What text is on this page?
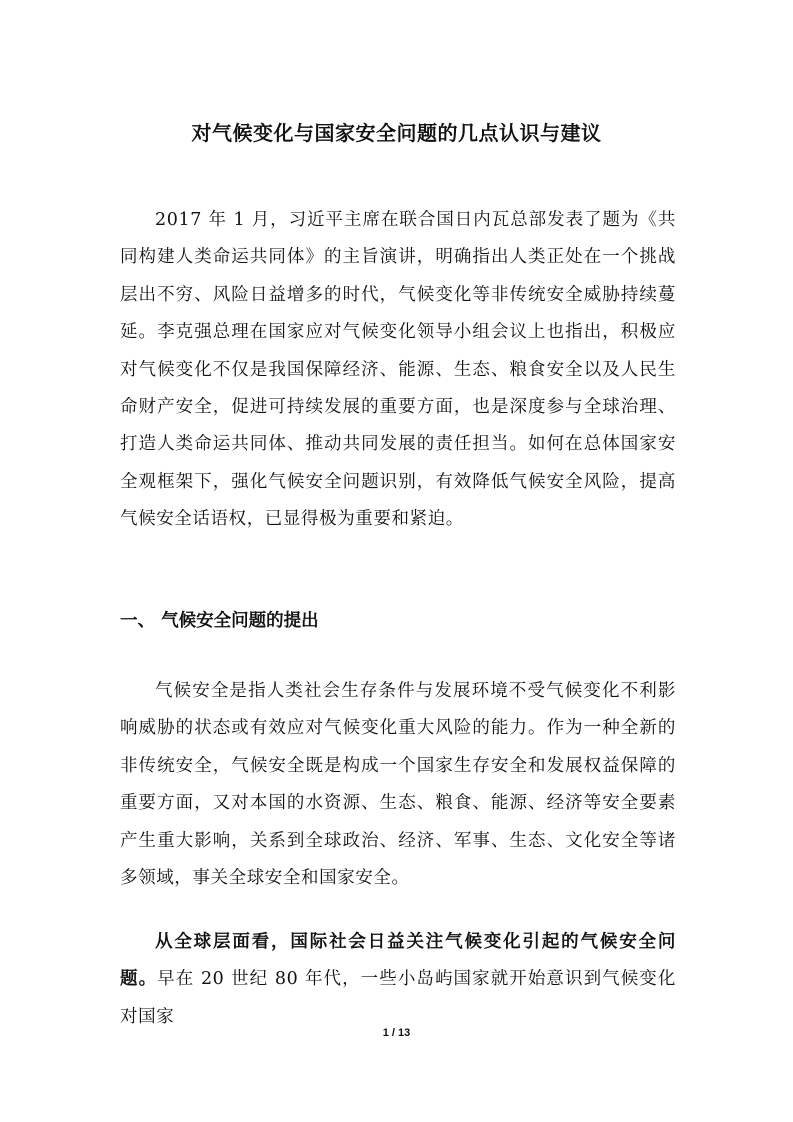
对气候变化与国家安全问题的几点认识与建议
2017 年 1 月，习近平主席在联合国日内瓦总部发表了题为《共同构建人类命运共同体》的主旨演讲，明确指出人类正处在一个挑战层出不穷、风险日益增多的时代，气候变化等非传统安全威胁持续蔓延。李克强总理在国家应对气候变化领导小组会议上也指出，积极应对气候变化不仅是我国保障经济、能源、生态、粮食安全以及人民生命财产安全，促进可持续发展的重要方面，也是深度参与全球治理、打造人类命运共同体、推动共同发展的责任担当。如何在总体国家安全观框架下，强化气候安全问题识别，有效降低气候安全风险，提高气候安全话语权，已显得极为重要和紧迫。
一、 气候安全问题的提出
气候安全是指人类社会生存条件与发展环境不受气候变化不利影响威胁的状态或有效应对气候变化重大风险的能力。作为一种全新的非传统安全，气候安全既是构成一个国家生存安全和发展权益保障的重要方面，又对本国的水资源、生态、粮食、能源、经济等安全要素产生重大影响，关系到全球政治、经济、军事、生态、文化安全等诸多领域，事关全球安全和国家安全。
从全球层面看，国际社会日益关注气候变化引起的气候安全问题。早在 20 世纪 80 年代，一些小岛屿国家就开始意识到气候变化对国家
1 / 13
